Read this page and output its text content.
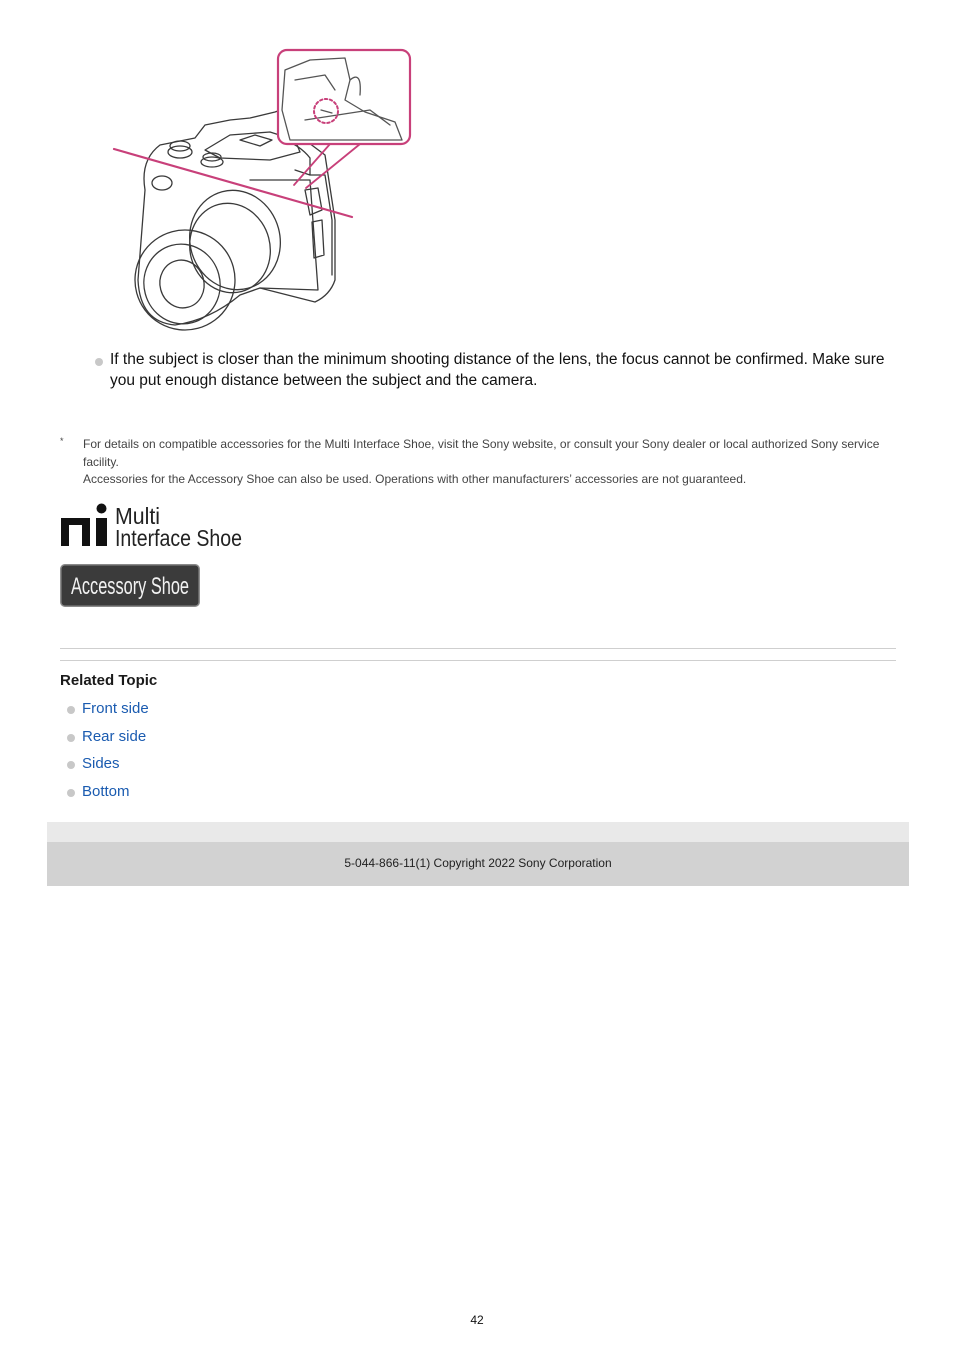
If the subject is closer than the minimum shooting distance of the lens, the focus cannot be confirmed. Make sure you put enough distance between the subject and the camera.
* For details on compatible accessories for the Multi Interface Shoe, visit the Sony website, or consult your Sony dealer or local authorized Sony service facility.

Accessories for the Accessory Shoe can also be used. Operations with other manufacturers’ accessories are not guaranteed.

Multi
Interface Shoe
Accessory Shoe
Related Topic
Front side
Rear side
Sides
Bottom
5-044-866-11(1) Copyright 2022 Sony Corporation
42
